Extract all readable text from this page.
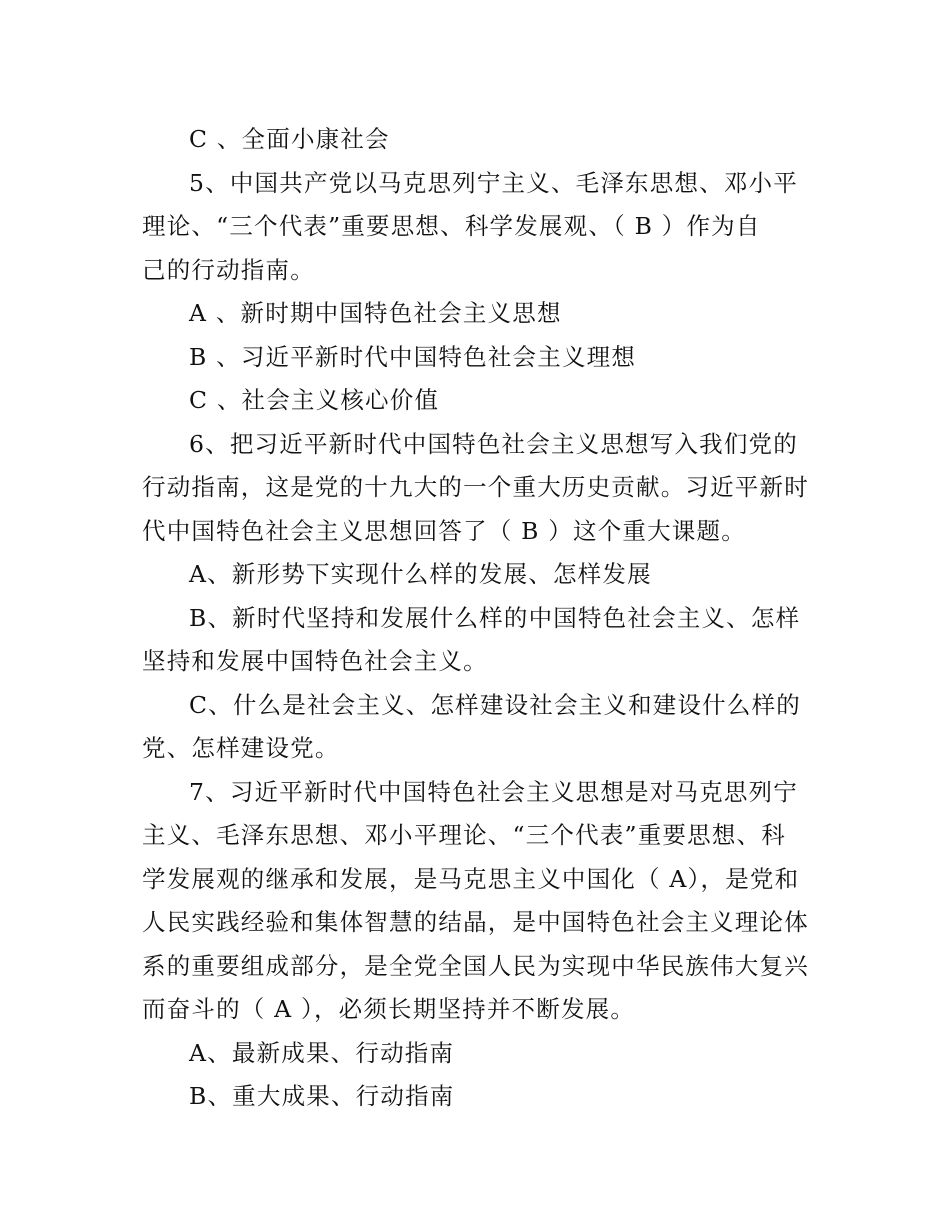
C 、全面小康社会
5、中国共产党以马克思列宁主义、毛泽东思想、邓小平
理论、“三个代表”重要思想、科学发展观、（ B ）作为自
己的行动指南。
A 、新时期中国特色社会主义思想
B 、习近平新时代中国特色社会主义理想
C 、社会主义核心价值
6、把习近平新时代中国特色社会主义思想写入我们党的
行动指南，这是党的十九大的一个重大历史贡献。习近平新时
代中国特色社会主义思想回答了（ B ）这个重大课题。
A、新形势下实现什么样的发展、怎样发展
B、新时代坚持和发展什么样的中国特色社会主义、怎样
坚持和发展中国特色社会主义。
C、什么是社会主义、怎样建设社会主义和建设什么样的
党、怎样建设党。
7、习近平新时代中国特色社会主义思想是对马克思列宁
主义、毛泽东思想、邓小平理论、“三个代表”重要思想、科
学发展观的继承和发展，是马克思主义中国化（ A），是党和
人民实践经验和集体智慧的结晶，是中国特色社会主义理论体
系的重要组成部分，是全党全国人民为实现中华民族伟大复兴
而奋斗的（ A ），必须长期坚持并不断发展。
A、最新成果、行动指南
B、重大成果、行动指南
